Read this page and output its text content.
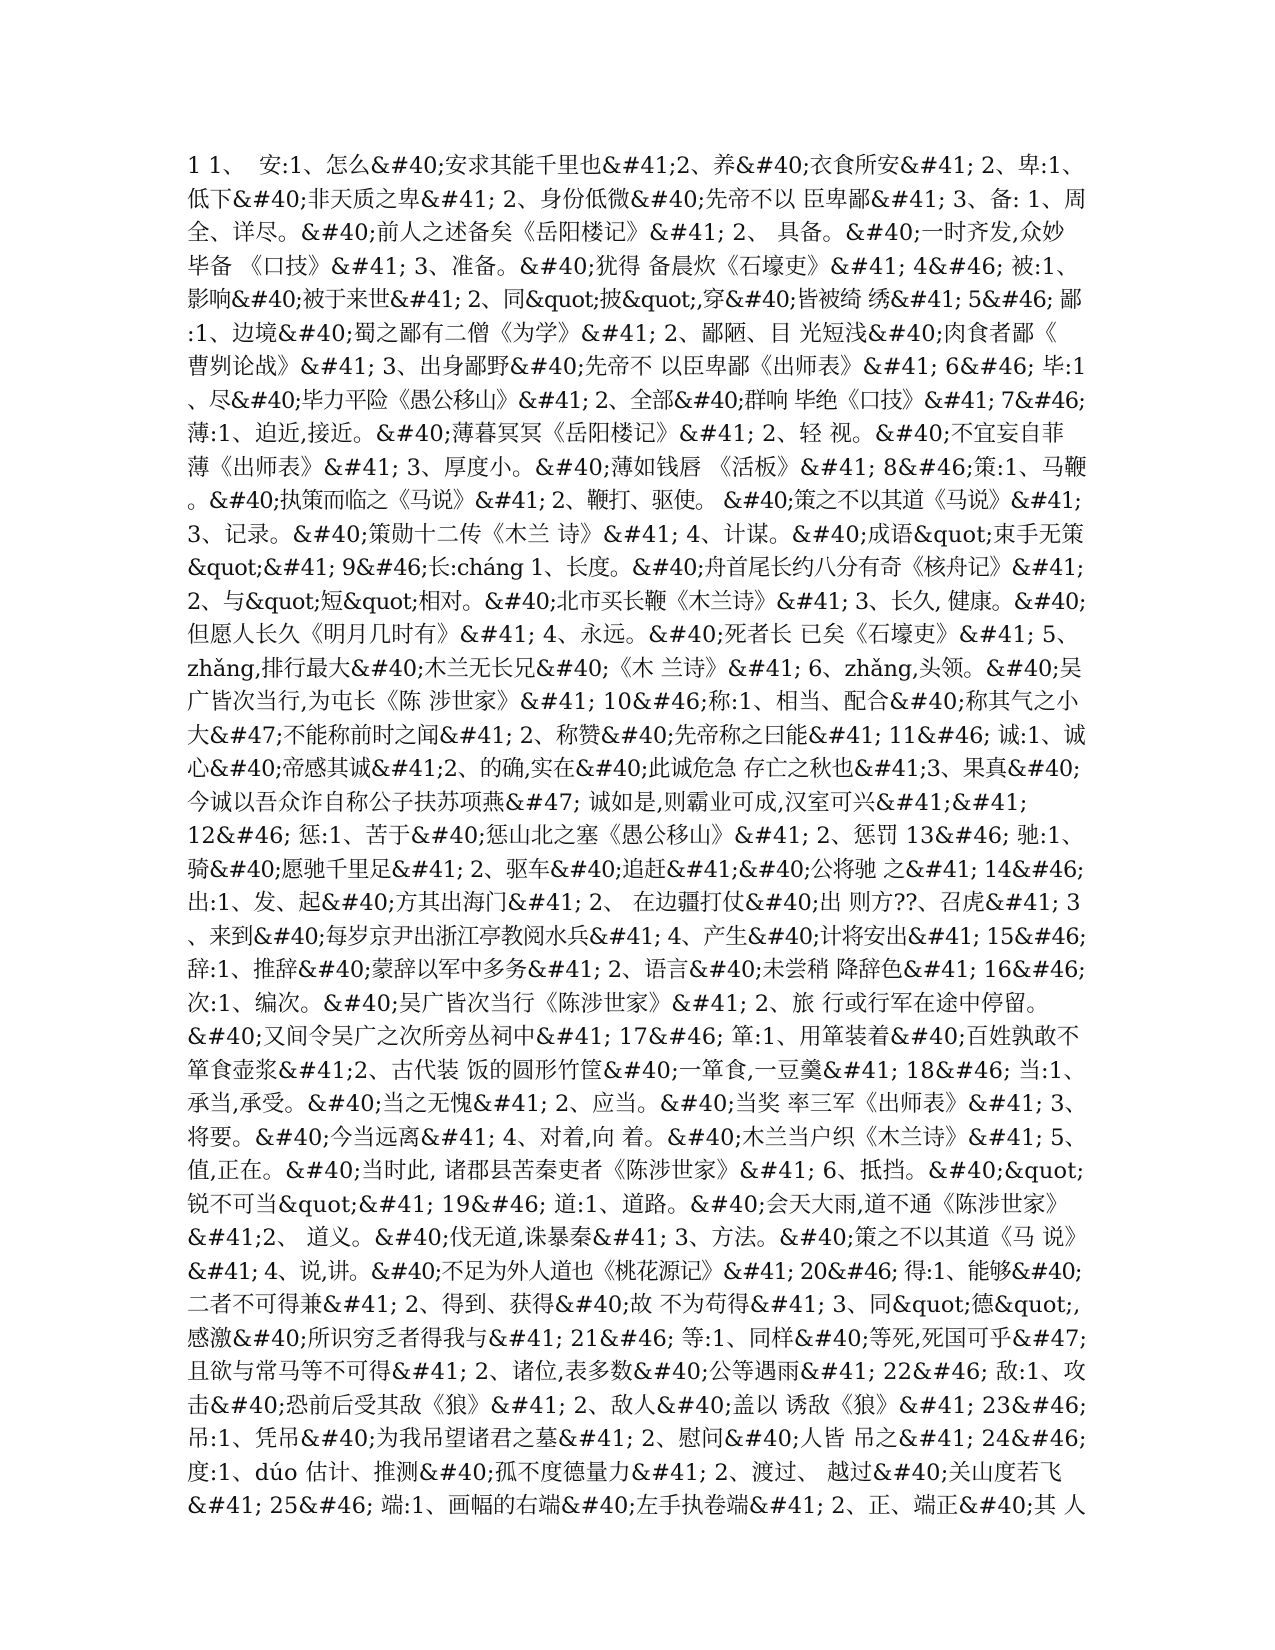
1 1、  安:1、怎么&#40;安求其能千里也&#41;2、养&#40;衣食所安&#41; 2、卑:1、
低下&#40;非天质之卑&#41; 2、身份低微&#40;先帝不以 臣卑鄙&#41; 3、备: 1、周
全、详尽。&#40;前人之述备矣《岳阳楼记》&#41; 2、 具备。&#40;一时齐发,众妙
毕备 《口技》&#41; 3、准备。&#40;犹得 备晨炊《石壕吏》&#41; 4&#46; 被:1、
影响&#40;被于来世&#41; 2、同&quot;披&quot;,穿&#40;皆被绮 绣&#41; 5&#46; 鄙
:1、边境&#40;蜀之鄙有二僧《为学》&#41; 2、鄙陋、目 光短浅&#40;肉食者鄙《
曹刿论战》&#41; 3、出身鄙野&#40;先帝不 以臣卑鄙《出师表》&#41; 6&#46; 毕:1
、尽&#40;毕力平险《愚公移山》&#41; 2、全部&#40;群响 毕绝《口技》&#41; 7&#46;
薄:1、迫近,接近。&#40;薄暮冥冥《岳阳楼记》&#41; 2、轻 视。&#40;不宜妄自菲
薄《出师表》&#41; 3、厚度小。&#40;薄如钱唇 《活板》&#41; 8&#46;策:1、马鞭
。&#40;执策而临之《马说》&#41; 2、鞭打、驱使。 &#40;策之不以其道《马说》&#41;
3、记录。&#40;策勋十二传《木兰 诗》&#41; 4、计谋。&#40;成语&quot;束手无策
&quot;&#41; 9&#46;长:cháng 1、长度。&#40;舟首尾长约八分有奇《核舟记》&#41;
2、与&quot;短&quot;相对。&#40;北市买长鞭《木兰诗》&#41; 3、长久, 健康。&#40;
但愿人长久《明月几时有》&#41; 4、永远。&#40;死者长 已矣《石壕吏》&#41; 5、
zhǎng,排行最大&#40;木兰无长兄&#40;《木 兰诗》&#41; 6、zhǎng,头领。&#40;吴
广皆次当行,为屯长《陈 涉世家》&#41; 10&#46;称:1、相当、配合&#40;称其气之小
大&#47;不能称前时之闻&#41; 2、称赞&#40;先帝称之曰能&#41; 11&#46; 诚:1、诚
心&#40;帝感其诚&#41;2、的确,实在&#40;此诚危急 存亡之秋也&#41;3、果真&#40;
今诚以吾众诈自称公子扶苏项燕&#47; 诚如是,则霸业可成,汉室可兴&#41;&#41;
12&#46; 惩:1、苦于&#40;惩山北之塞《愚公移山》&#41; 2、惩罚 13&#46; 驰:1、
骑&#40;愿驰千里足&#41; 2、驱车&#40;追赶&#41;&#40;公将驰 之&#41; 14&#46;
出:1、发、起&#40;方其出海门&#41; 2、 在边疆打仗&#40;出 则方??、召虎&#41; 3
、来到&#40;每岁京尹出浙江亭教阅水兵&#41; 4、产生&#40;计将安出&#41; 15&#46;
辞:1、推辞&#40;蒙辞以军中多务&#41; 2、语言&#40;未尝稍 降辞色&#41; 16&#46;
次:1、编次。&#40;吴广皆次当行《陈涉世家》&#41; 2、旅 行或行军在途中停留。
&#40;又间令吴广之次所旁丛祠中&#41; 17&#46; 箪:1、用箪装着&#40;百姓孰敢不
箪食壶浆&#41;2、古代装 饭的圆形竹筐&#40;一箪食,一豆羹&#41; 18&#46; 当:1、
承当,承受。&#40;当之无愧&#41; 2、应当。&#40;当奖 率三军《出师表》&#41; 3、
将要。&#40;今当远离&#41; 4、对着,向 着。&#40;木兰当户织《木兰诗》&#41; 5、
值,正在。&#40;当时此, 诸郡县苦秦吏者《陈涉世家》&#41; 6、抵挡。&#40;&quot;
锐不可当&quot;&#41; 19&#46; 道:1、道路。&#40;会天大雨,道不通《陈涉世家》
&#41;2、 道义。&#40;伐无道,诛暴秦&#41; 3、方法。&#40;策之不以其道《马 说》
&#41; 4、说,讲。&#40;不足为外人道也《桃花源记》&#41; 20&#46; 得:1、能够&#40;
二者不可得兼&#41; 2、得到、获得&#40;故 不为苟得&#41; 3、同&quot;德&quot;,
感激&#40;所识穷乏者得我与&#41; 21&#46; 等:1、同样&#40;等死,死国可乎&#47;
且欲与常马等不可得&#41; 2、诸位,表多数&#40;公等遇雨&#41; 22&#46; 敌:1、攻
击&#40;恐前后受其敌《狼》&#41; 2、敌人&#40;盖以 诱敌《狼》&#41; 23&#46;
吊:1、凭吊&#40;为我吊望诸君之墓&#41; 2、慰问&#40;人皆 吊之&#41; 24&#46;
度:1、dúo 估计、推测&#40;孤不度德量力&#41; 2、渡过、 越过&#40;关山度若飞
&#41; 25&#46; 端:1、画幅的右端&#40;左手执卷端&#41; 2、正、端正&#40;其 人
